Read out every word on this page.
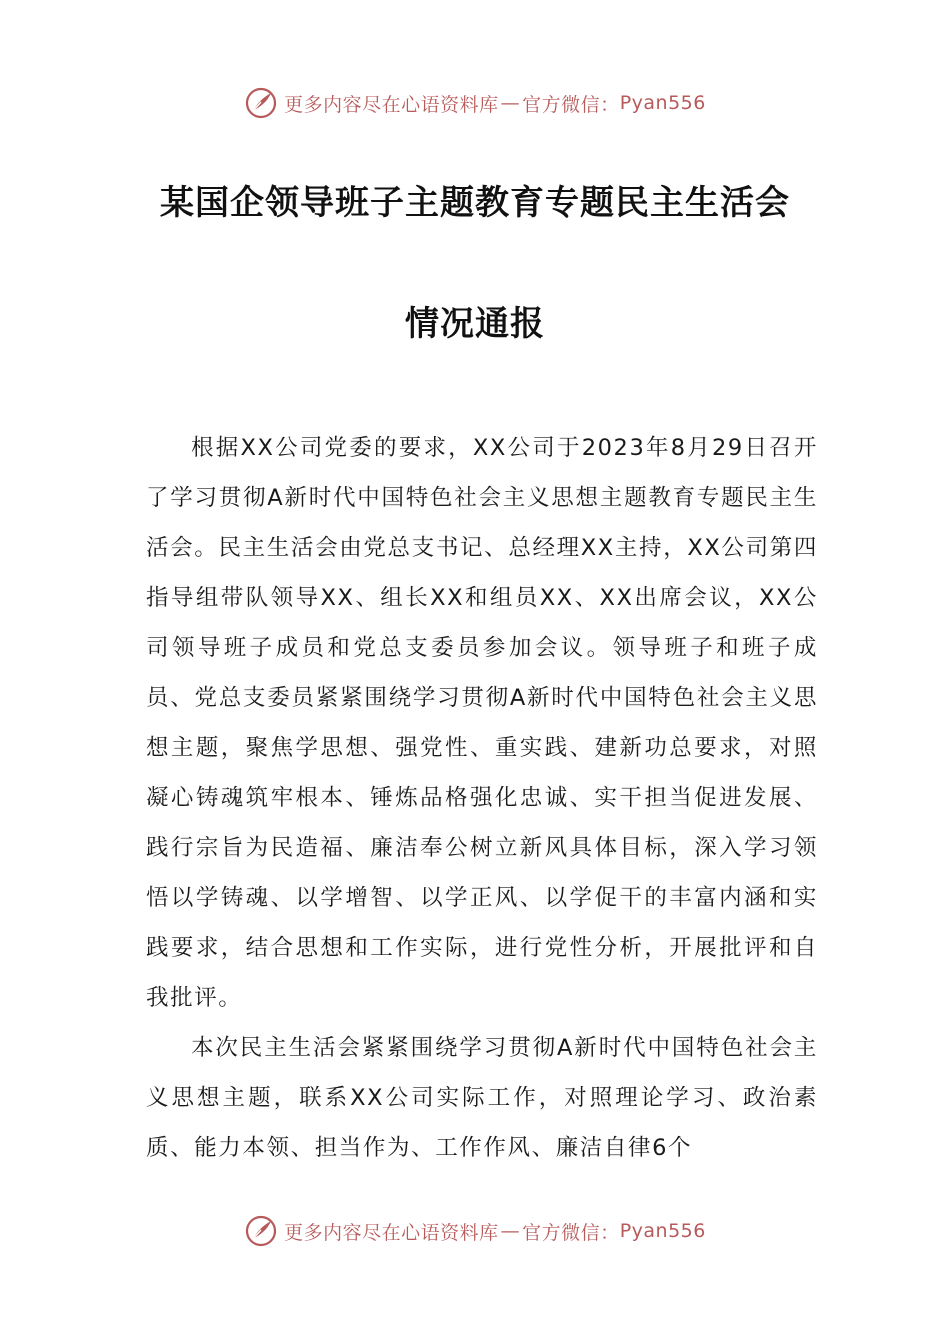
更多内容尽在心语资料库 — 官方微信： Pyan556
某国企领导班子主题教育专题民主生活会
情况通报

根据XX公司党委的要求，XX公司于2023年8月29日召开了学习贯彻A新时代中国特色社会主义思想主题教育专题民主生活会。民主生活会由党总支书记、总经理XX主持，XX公司第四指导组带队领导XX、组长XX和组员XX、XX出席会议，XX公司领导班子成员和党总支委员参加会议。领导班子和班子成员、党总支委员紧紧围绕学习贯彻A新时代中国特色社会主义思想主题，聚焦学思想、强党性、重实践、建新功总要求，对照凝心铸魂筑牢根本、锤炼品格强化忠诚、实干担当促进发展、践行宗旨为民造福、廉洁奉公树立新风具体目标，深入学习领悟以学铸魂、以学增智、以学正风、以学促干的丰富内涵和实践要求，结合思想和工作实际，进行党性分析，开展批评和自我批评。

本次民主生活会紧紧围绕学习贯彻A新时代中国特色社会主义思想主题，联系XX公司实际工作，对照理论学习、政治素质、能力本领、担当作为、工作作风、廉洁自律6个

更多内容尽在心语资料库 — 官方微信： Pyan556
